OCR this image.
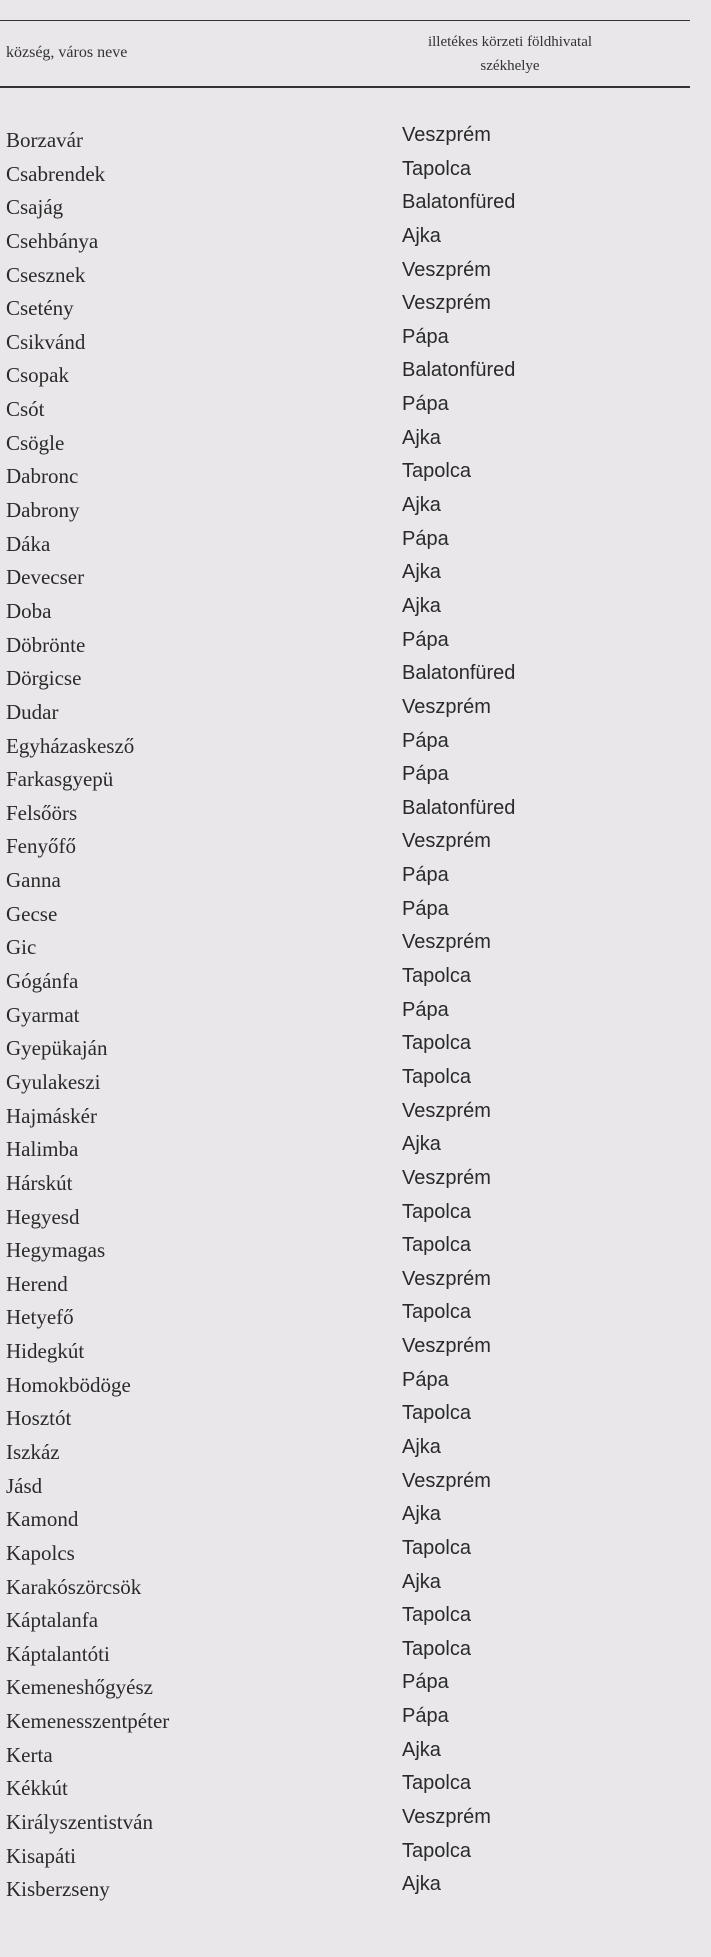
község, város neve
illetékes körzeti földhivatal
székhelye
Borzavár	Veszprém
Csabrendek	Tapolca
Csajág	Balatonfüred
Csehbánya	Ajka
Csesznek	Veszprém
Csetény	Veszprém
Csikvánd	Pápa
Csopak	Balatonfüred
Csót	Pápa
Csögle	Ajka
Dabronc	Tapolca
Dabrony	Ajka
Dáka	Pápa
Devecser	Ajka
Doba	Ajka
Döbrönte	Pápa
Dörgicse	Balatonfüred
Dudar	Veszprém
Egyházaskesző	Pápa
Farkasgyepü	Pápa
Felsőörs	Balatonfüred
Fenyőfő	Veszprém
Ganna	Pápa
Gecse	Pápa
Gic	Veszprém
Gógánfa	Tapolca
Gyarmat	Pápa
Gyepükaján	Tapolca
Gyulakeszi	Tapolca
Hajmáskér	Veszprém
Halimba	Ajka
Hárskút	Veszprém
Hegyesd	Tapolca
Hegymagas	Tapolca
Herend	Veszprém
Hetyefő	Tapolca
Hidegkút	Veszprém
Homokbödöge	Pápa
Hosztót	Tapolca
Iszkáz	Ajka
Jásd	Veszprém
Kamond	Ajka
Kapolcs	Tapolca
Karakószörcsök	Ajka
Káptalanfa	Tapolca
Káptalantóti	Tapolca
Kemeneshőgyész	Pápa
Kemenesszentpéter	Pápa
Kerta	Ajka
Kékkút	Tapolca
Királyszentistván	Veszprém
Kisapáti	Tapolca
Kisberzseny	Ajka
